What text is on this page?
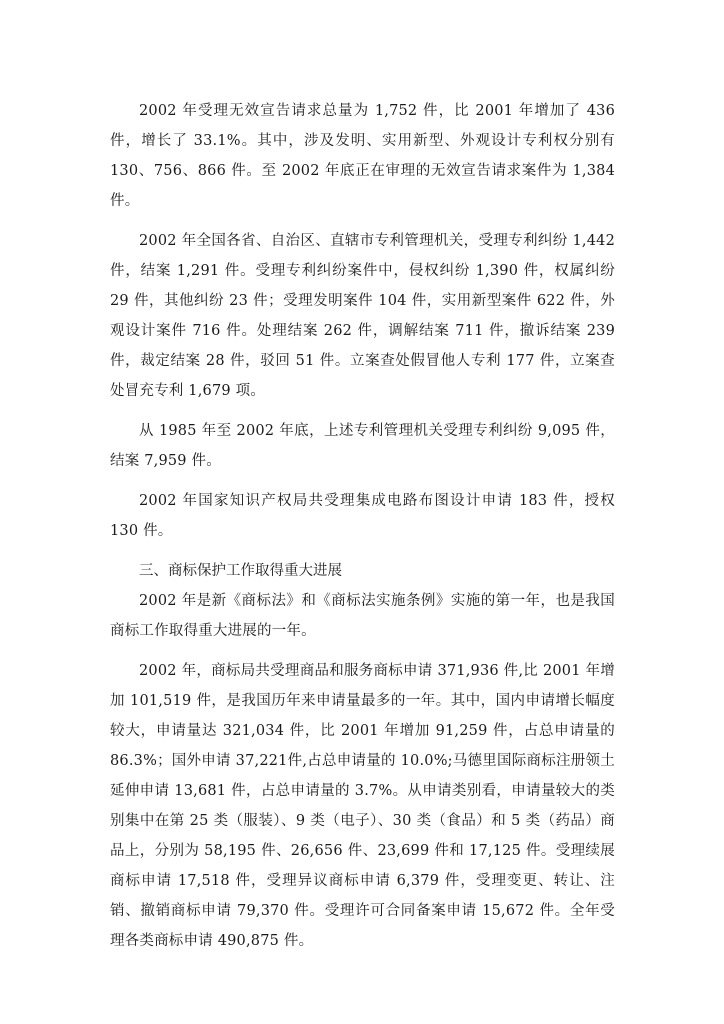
2002 年受理无效宣告请求总量为 1,752 件，比 2001 年增加了 436 件，增长了 33.1%。其中，涉及发明、实用新型、外观设计专利权分别有 130、756、866 件。至 2002 年底正在审理的无效宣告请求案件为 1,384 件。

2002 年全国各省、自治区、直辖市专利管理机关，受理专利纠纷 1,442 件，结案 1,291 件。受理专利纠纷案件中，侵权纠纷 1,390 件，权属纠纷 29 件，其他纠纷 23 件；受理发明案件 104 件，实用新型案件 622 件，外观设计案件 716 件。处理结案 262 件，调解结案 711 件，撤诉结案 239 件，裁定结案 28 件，驳回 51 件。立案查处假冒他人专利 177 件，立案查处冒充专利 1,679 项。

从 1985 年至 2002 年底，上述专利管理机关受理专利纠纷 9,095 件，结案 7,959 件。

2002 年国家知识产权局共受理集成电路布图设计申请 183 件，授权 130 件。

三、商标保护工作取得重大进展

2002 年是新《商标法》和《商标法实施条例》实施的第一年，也是我国商标工作取得重大进展的一年。

2002 年，商标局共受理商品和服务商标申请 371,936 件,比 2001 年增加 101,519 件，是我国历年来申请量最多的一年。其中，国内申请增长幅度较大，申请量达 321,034 件，比 2001 年增加 91,259 件，占总申请量的 86.3%；国外申请 37,221件,占总申请量的 10.0%;马德里国际商标注册领土延伸申请 13,681 件，占总申请量的 3.7%。从申请类别看，申请量较大的类别集中在第 25 类（服装）、9 类（电子）、30 类（食品）和 5 类（药品）商品上，分别为 58,195 件、26,656 件、23,699 件和 17,125 件。受理续展商标申请 17,518 件，受理异议商标申请 6,379 件，受理变更、转让、注销、撤销商标申请 79,370 件。受理许可合同备案申请 15,672 件。全年受理各类商标申请 490,875 件。
